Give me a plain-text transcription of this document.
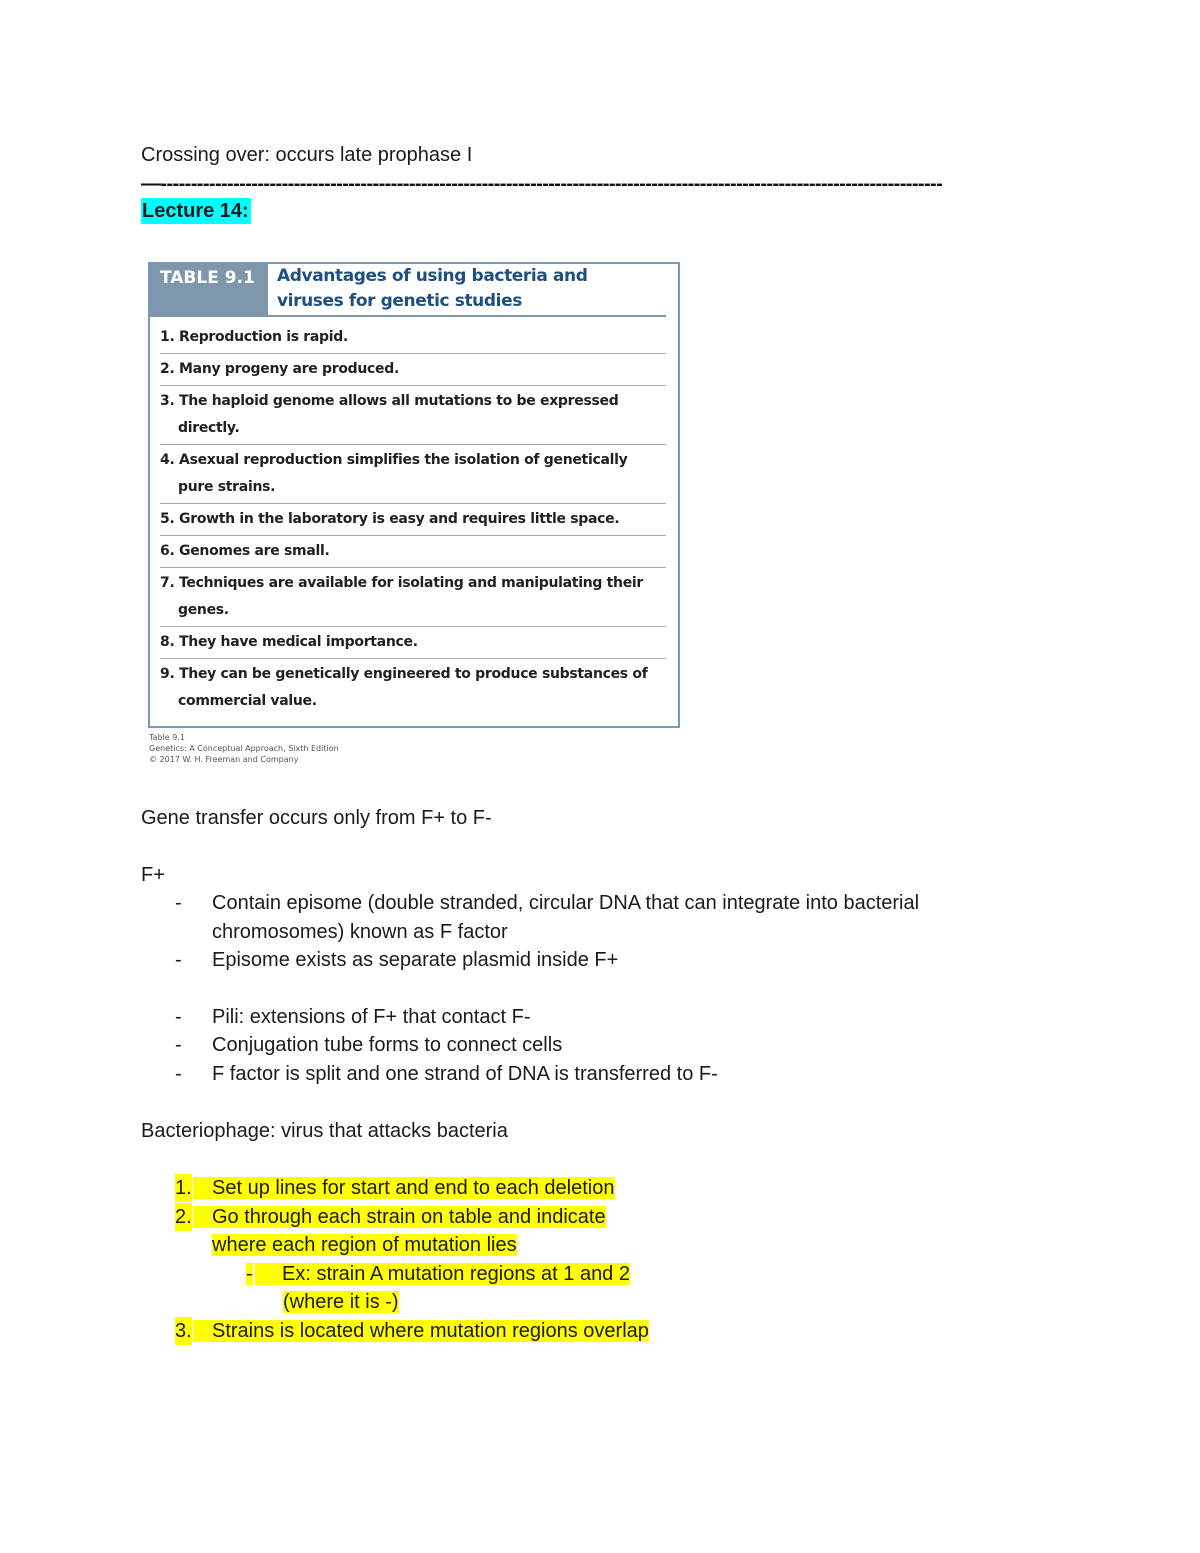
Crossing over: occurs late prophase I
—---------------------------------------------------------------------------------------------------------------------------------
Lecture 14:
TABLE 9.1	Advantages of using bacteria and
viruses for genetic studies
1. Reproduction is rapid.
2. Many progeny are produced.
3. The haploid genome allows all mutations to be expressed directly.
4. Asexual reproduction simplifies the isolation of genetically pure strains.
5. Growth in the laboratory is easy and requires little space.
6. Genomes are small.
7. Techniques are available for isolating and manipulating their genes.
8. They have medical importance.
9. They can be genetically engineered to produce substances of commercial value.
Table 9.1
Genetics: A Conceptual Approach, Sixth Edition
© 2017 W. H. Freeman and Company
Gene transfer occurs only from F+ to F-
F+
- Contain episome (double stranded, circular DNA that can integrate into bacterial
chromosomes) known as F factor
- Episome exists as separate plasmid inside F+
- Pili: extensions of F+ that contact F-
- Conjugation tube forms to connect cells
- F factor is split and one strand of DNA is transferred to F-
Bacteriophage: virus that attacks bacteria
1.	Set up lines for start and end to each deletion
2.	Go through each strain on table and indicate
where each region of mutation lies
-	Ex: strain A mutation regions at 1 and 2
(where it is -)
3.	Strains is located where mutation regions overlap
